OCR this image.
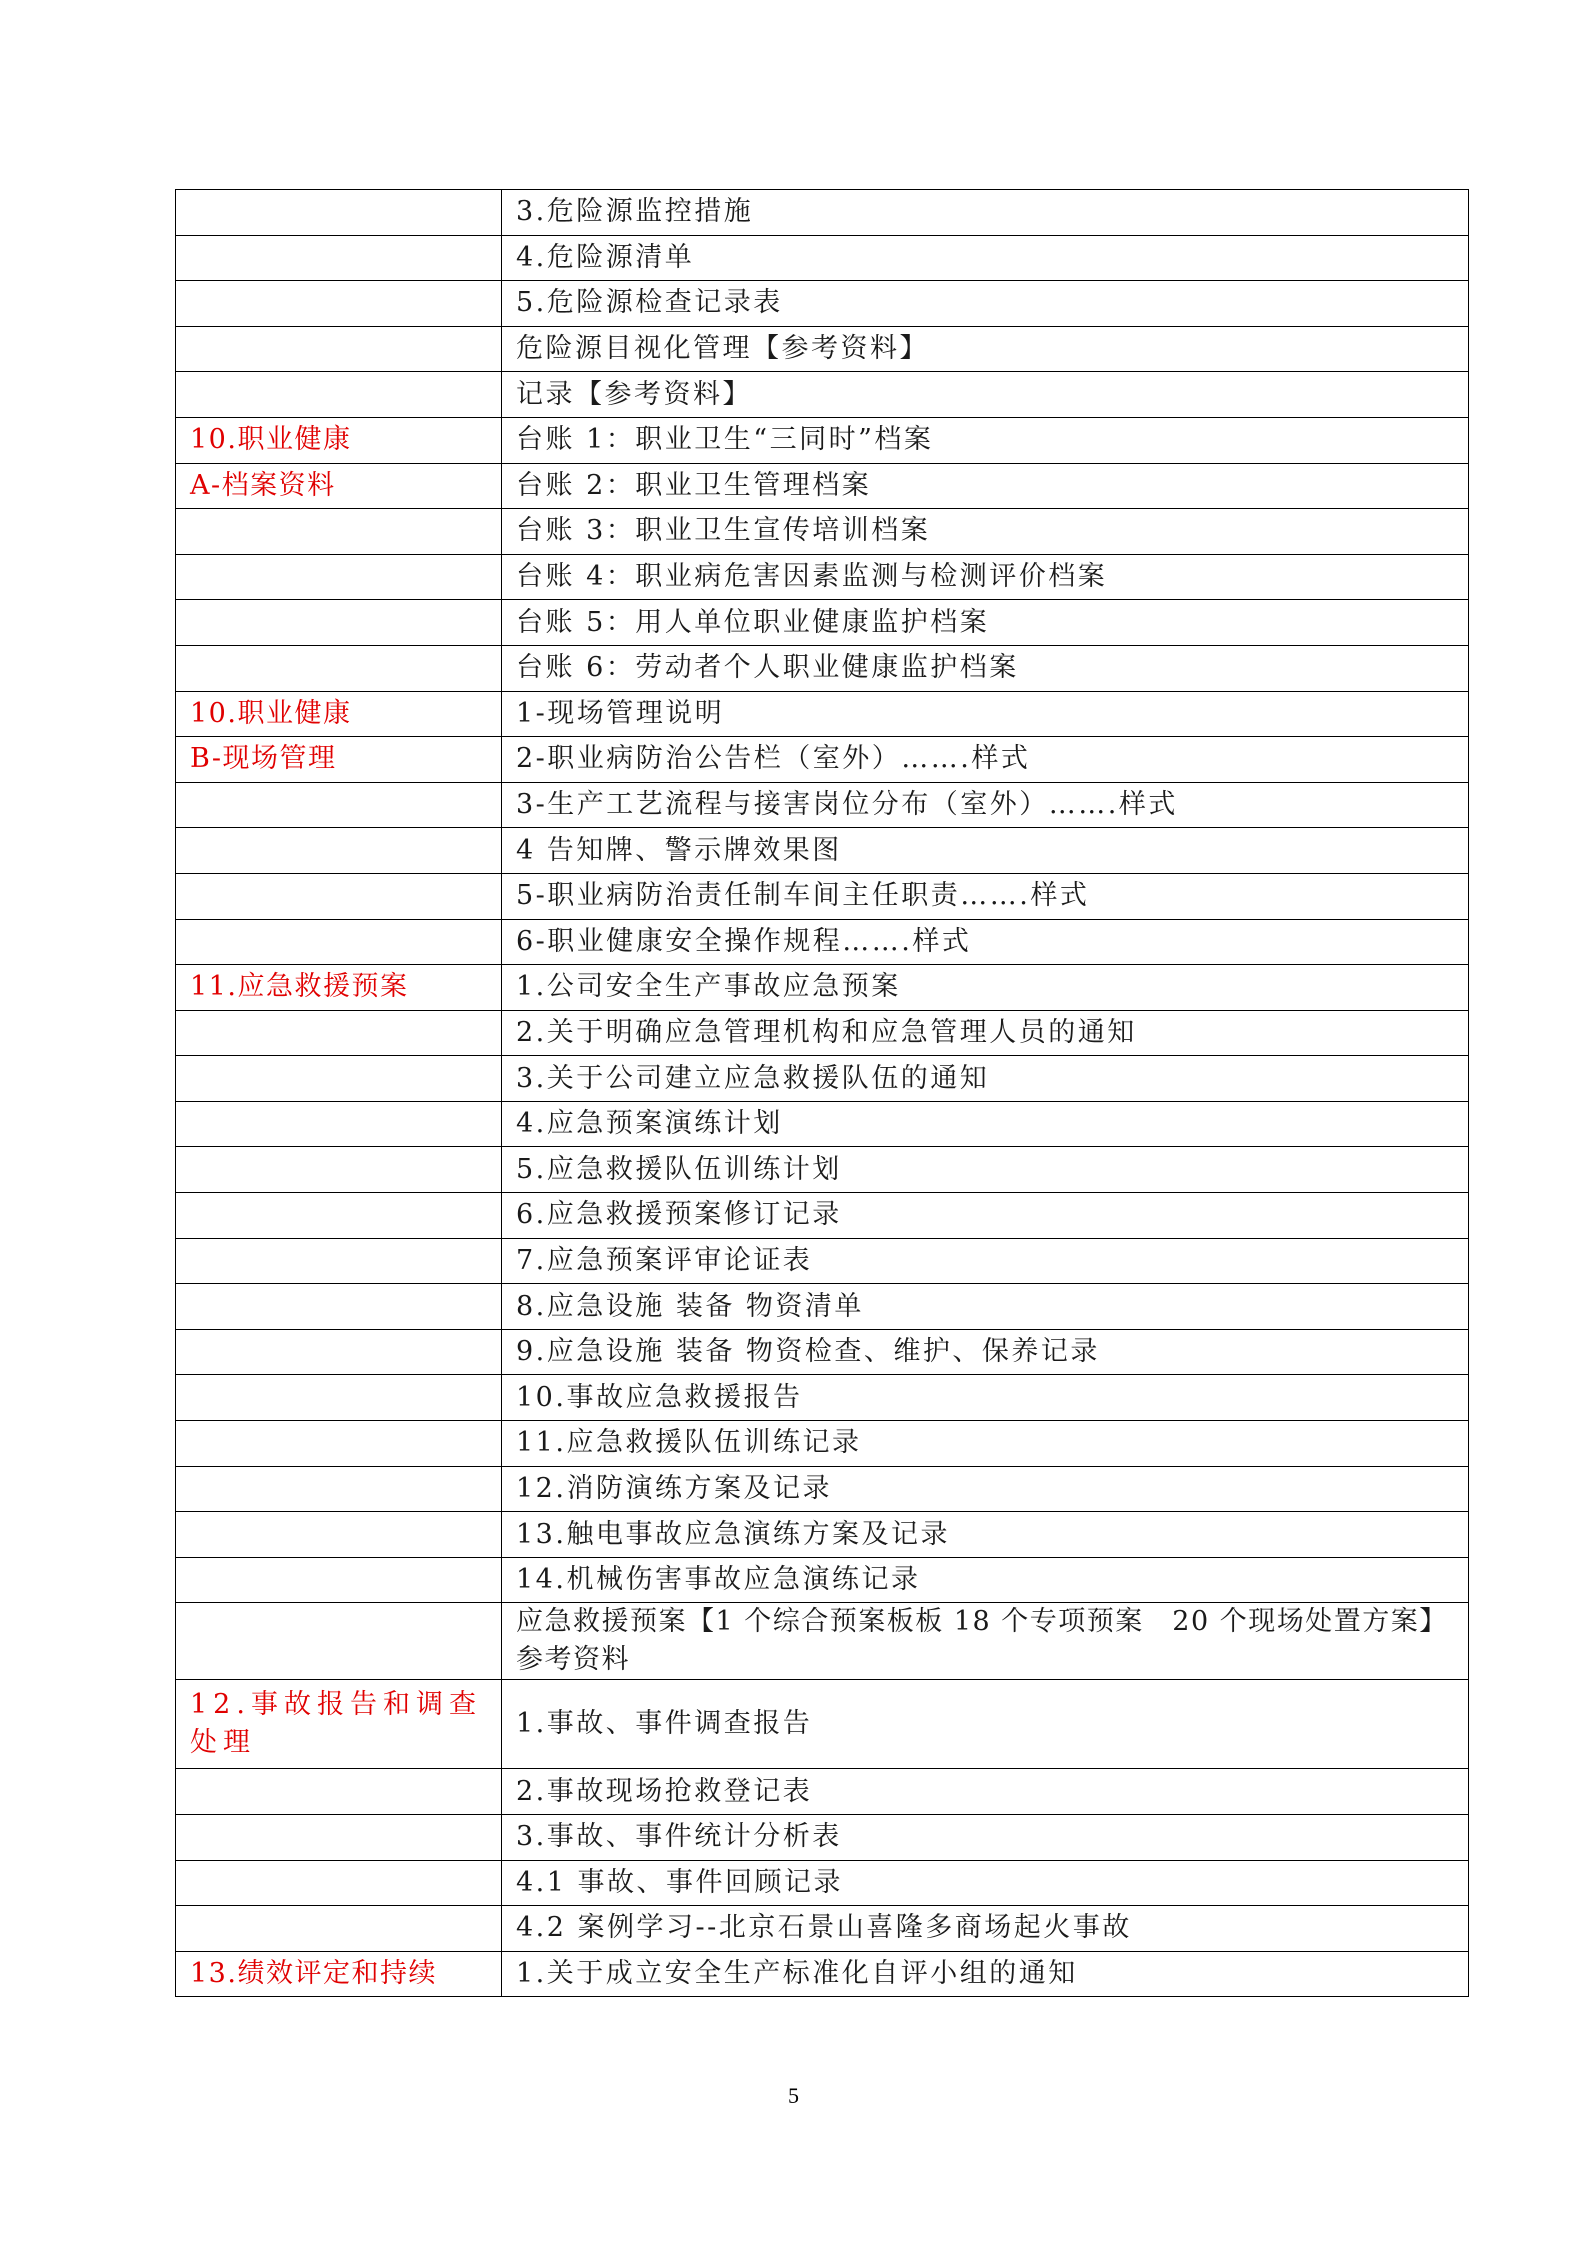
	3.危险源监控措施
	4.危险源清单
	5.危险源检查记录表
	危险源目视化管理【参考资料】
	记录【参考资料】
10.职业健康	台账 1：职业卫生“三同时”档案
A-档案资料	台账 2：职业卫生管理档案
	台账 3：职业卫生宣传培训档案
	台账 4：职业病危害因素监测与检测评价档案
	台账 5：用人单位职业健康监护档案
	台账 6：劳动者个人职业健康监护档案
10.职业健康	1-现场管理说明
B-现场管理	2-职业病防治公告栏（室外）…….样式
	3-生产工艺流程与接害岗位分布（室外）…….样式
	4 告知牌、警示牌效果图
	5-职业病防治责任制车间主任职责…….样式
	6-职业健康安全操作规程…….样式
11.应急救援预案	1.公司安全生产事故应急预案
	2.关于明确应急管理机构和应急管理人员的通知
	3.关于公司建立应急救援队伍的通知
	4.应急预案演练计划
	5.应急救援队伍训练计划
	6.应急救援预案修订记录
	7.应急预案评审论证表
	8.应急设施 装备 物资清单
	9.应急设施 装备 物资检查、维护、保养记录
	10.事故应急救援报告
	11.应急救援队伍训练记录
	12.消防演练方案及记录
	13.触电事故应急演练方案及记录
	14.机械伤害事故应急演练记录
	应急救援预案【1 个综合预案板板 18 个专项预案　20 个现场处置方案】参考资料
12.事故报告和调查处理	1.事故、事件调查报告
	2.事故现场抢救登记表
	3.事故、事件统计分析表
	4.1 事故、事件回顾记录
	4.2 案例学习--北京石景山喜隆多商场起火事故
13.绩效评定和持续	1.关于成立安全生产标准化自评小组的通知
5
